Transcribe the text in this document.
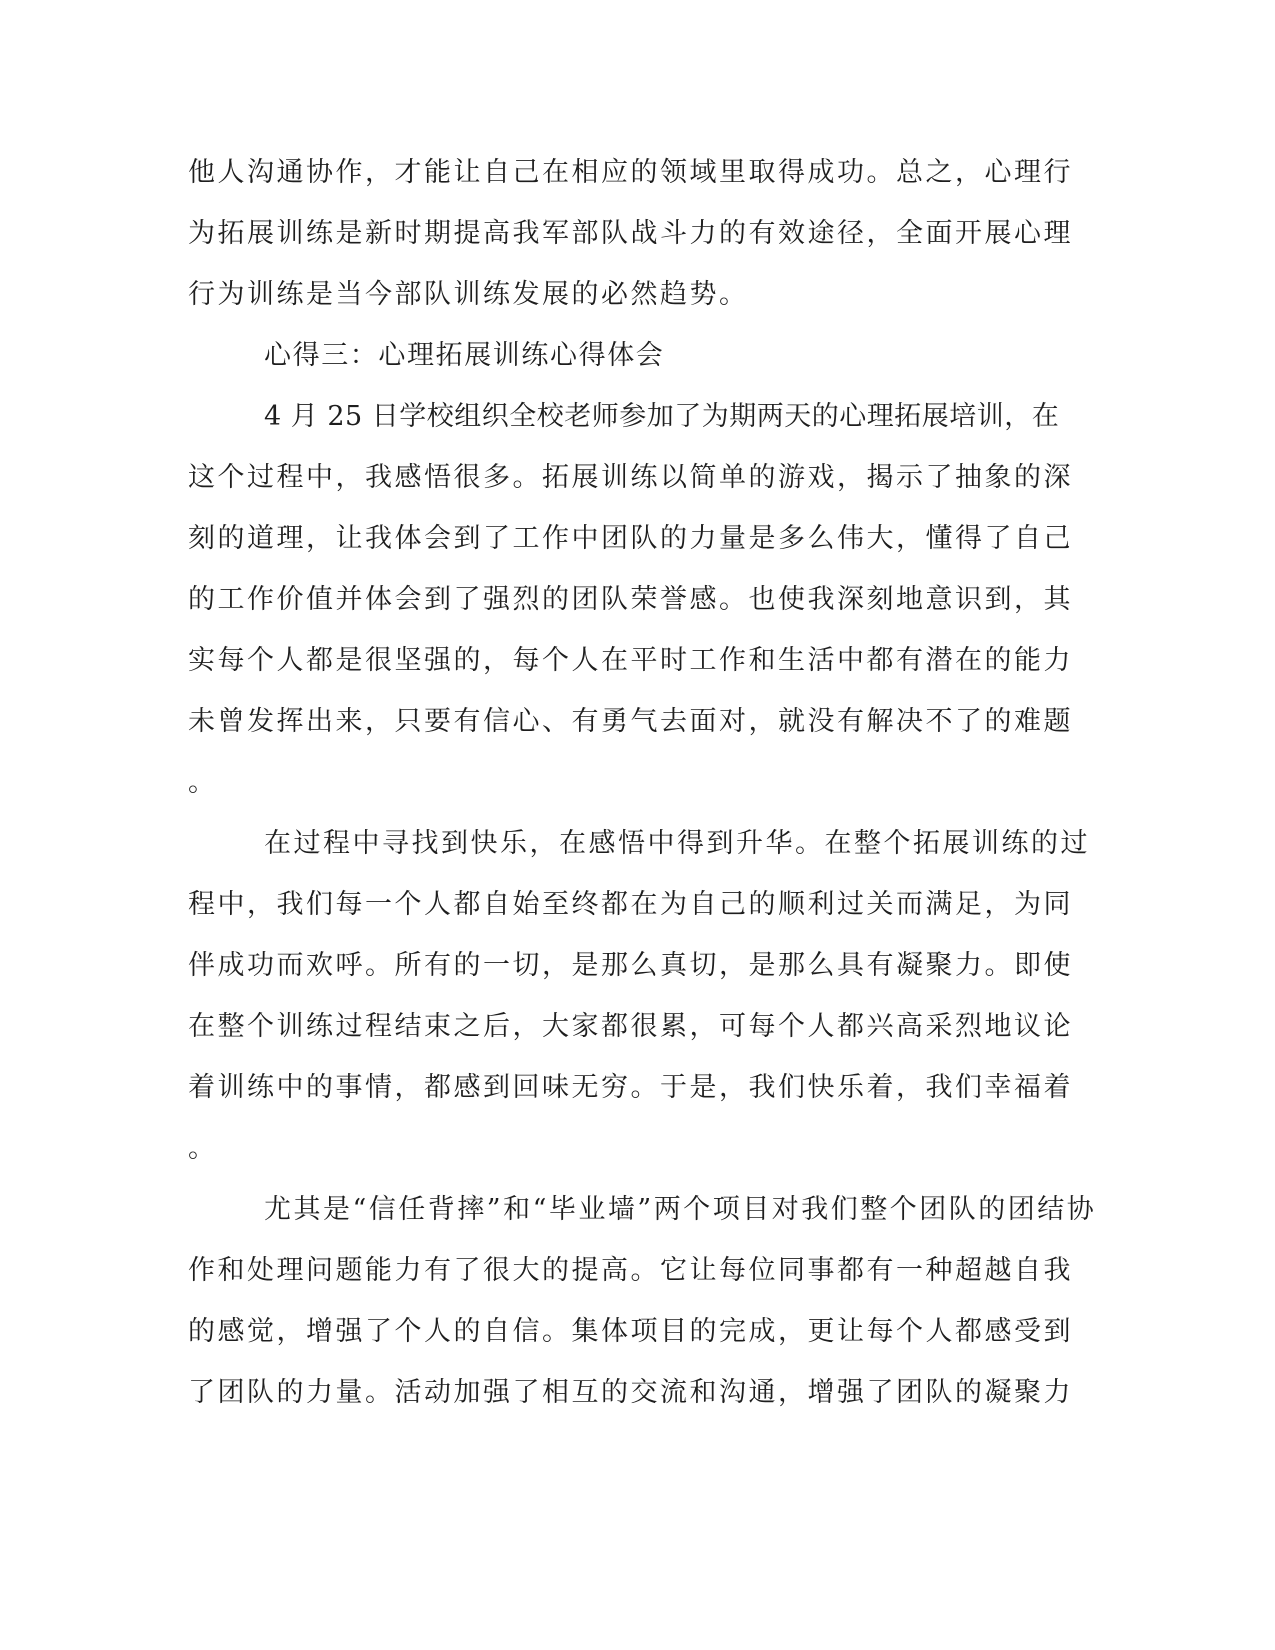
他人沟通协作，才能让自己在相应的领域里取得成功。总之，心理行
为拓展训练是新时期提高我军部队战斗力的有效途径，全面开展心理
行为训练是当今部队训练发展的必然趋势。
心得三：心理拓展训练心得体会
4 月 25 日学校组织全校老师参加了为期两天的心理拓展培训，在
这个过程中，我感悟很多。拓展训练以简单的游戏，揭示了抽象的深
刻的道理，让我体会到了工作中团队的力量是多么伟大，懂得了自己
的工作价值并体会到了强烈的团队荣誉感。也使我深刻地意识到，其
实每个人都是很坚强的，每个人在平时工作和生活中都有潜在的能力
未曾发挥出来，只要有信心、有勇气去面对，就没有解决不了的难题
。
在过程中寻找到快乐，在感悟中得到升华。在整个拓展训练的过
程中，我们每一个人都自始至终都在为自己的顺利过关而满足，为同
伴成功而欢呼。所有的一切，是那么真切，是那么具有凝聚力。即使
在整个训练过程结束之后，大家都很累，可每个人都兴高采烈地议论
着训练中的事情，都感到回味无穷。于是，我们快乐着，我们幸福着
。
尤其是“信任背摔”和“毕业墙”两个项目对我们整个团队的团结协
作和处理问题能力有了很大的提高。它让每位同事都有一种超越自我
的感觉，增强了个人的自信。集体项目的完成，更让每个人都感受到
了团队的力量。活动加强了相互的交流和沟通，增强了团队的凝聚力
